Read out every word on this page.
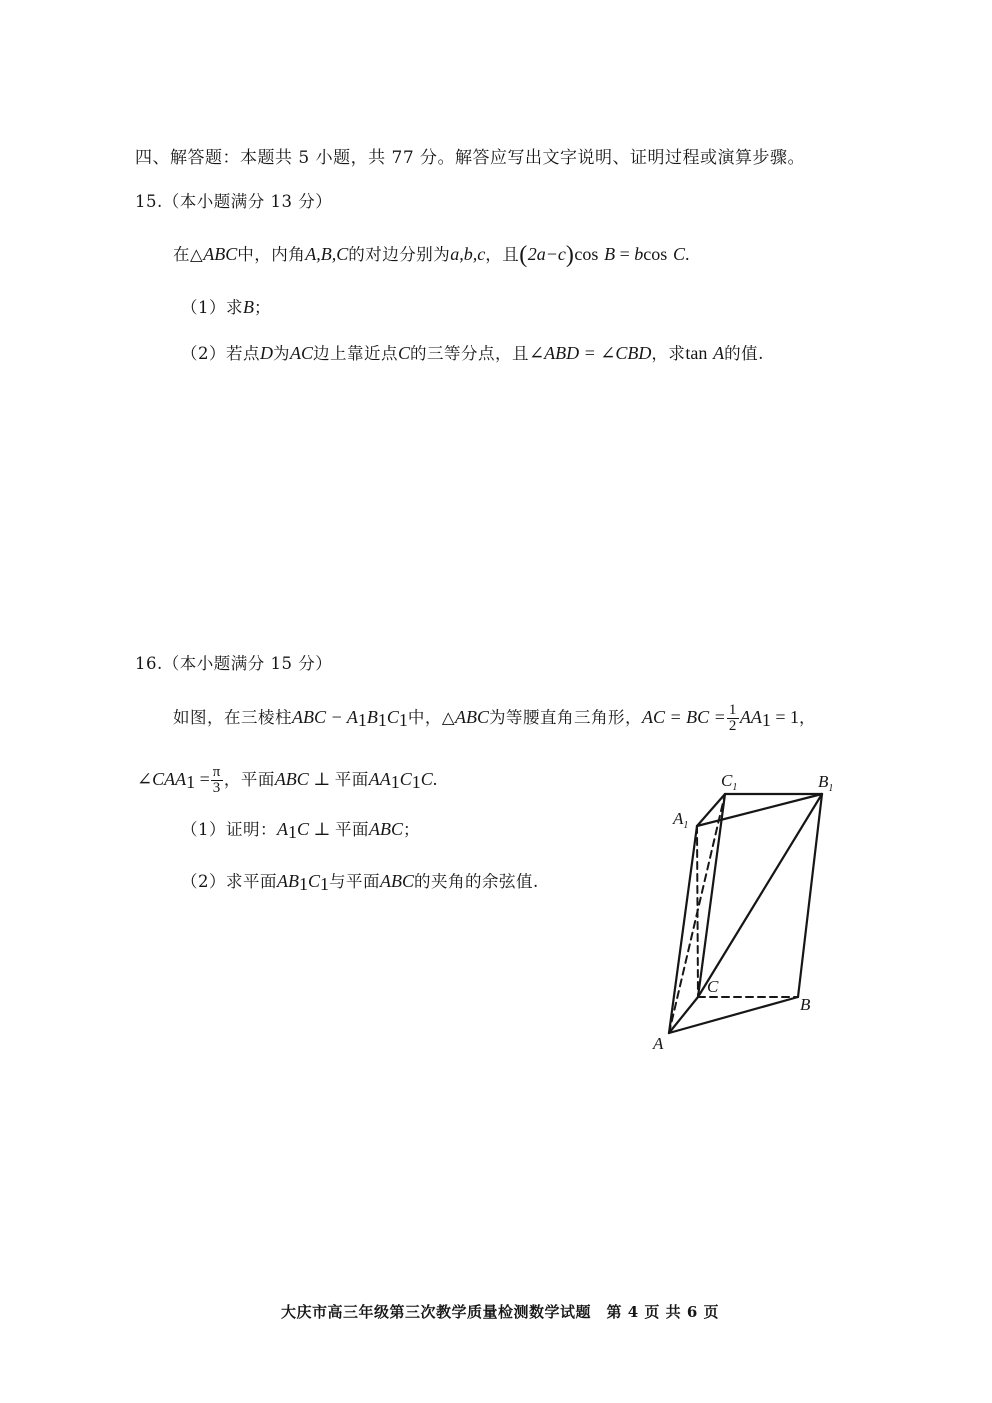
四、解答题：本题共 5 小题，共 77 分。解答应写出文字说明、证明过程或演算步骤。
15.（本小题满分 13 分）
在△ABC中，内角A,B,C的对边分别为a,b,c，且(2a−c)cos B = bcos C.
（1）求B；
（2）若点D为AC边上靠近点C的三等分点，且∠ABD = ∠CBD，求tan A的值.
16.（本小题满分 15 分）
如图，在三棱柱ABC − $A_1B_1C_1$中，△ABC为等腰直角三角形，AC = BC = $\frac{1}{2} AA_1 = 1$，
$\angle CAA_1 = \frac{\pi}{3}$ ，平面ABC ⊥ 平面$AA_1C_1C$.
（1）证明：$A_1C$ ⊥ 平面ABC；
（2）求平面$AB_1C_1$与平面ABC的夹角的余弦值.
$C_1$	$B_1$
$A_1$
C
B
A
大庆市高三年级第三次教学质量检测数学试题　第 4 页 共 6 页
